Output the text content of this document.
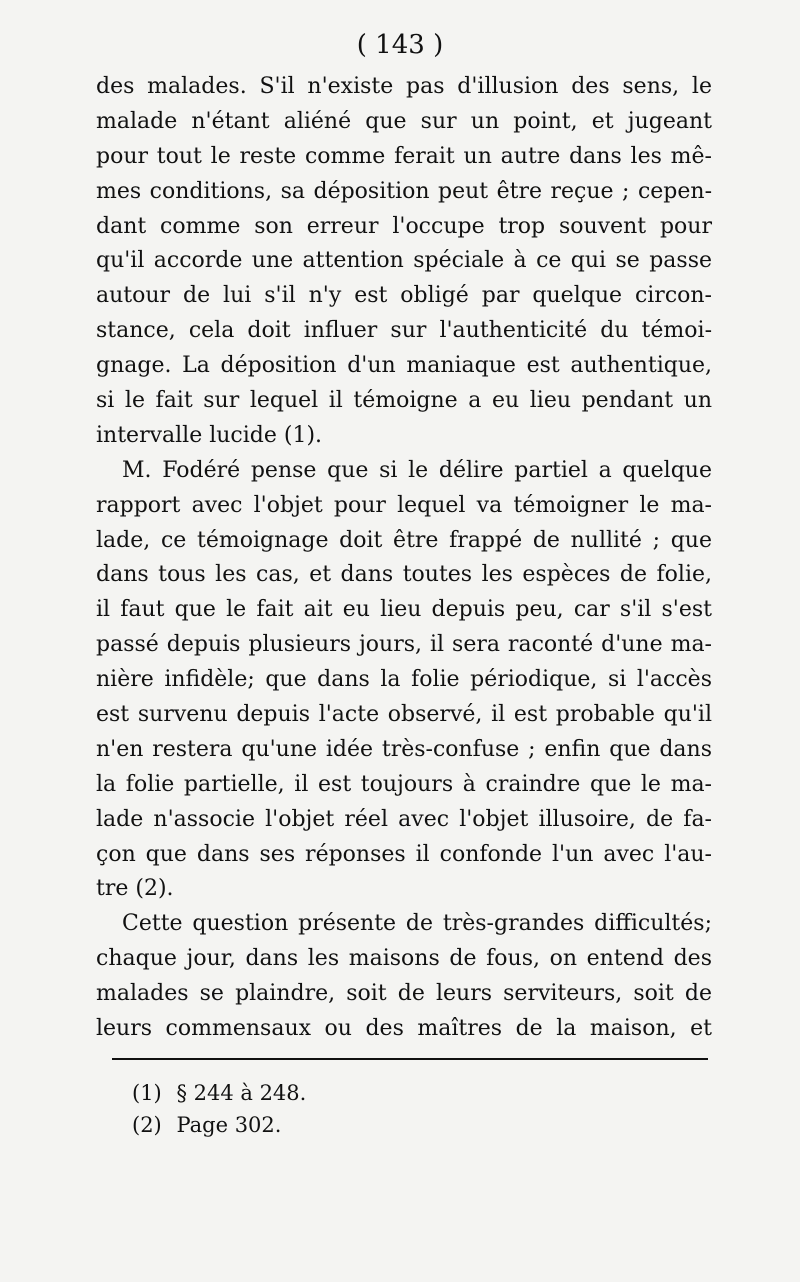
( 143 )
des malades. S'il n'existe pas d'illusion des sens, le
malade n'étant aliéné que sur un point, et jugeant
pour tout le reste comme ferait un autre dans les mê-
mes conditions, sa déposition peut être reçue ; cepen-
dant comme son erreur l'occupe trop souvent pour
qu'il accorde une attention spéciale à ce qui se passe
autour de lui s'il n'y est obligé par quelque circon-
stance, cela doit influer sur l'authenticité du témoi-
gnage. La déposition d'un maniaque est authentique,
si le fait sur lequel il témoigne a eu lieu pendant un
intervalle lucide (1).
M. Fodéré pense que si le délire partiel a quelque
rapport avec l'objet pour lequel va témoigner le ma-
lade, ce témoignage doit être frappé de nullité ; que
dans tous les cas, et dans toutes les espèces de folie,
il faut que le fait ait eu lieu depuis peu, car s'il s'est
passé depuis plusieurs jours, il sera raconté d'une ma-
nière infidèle; que dans la folie périodique, si l'accès
est survenu depuis l'acte observé, il est probable qu'il
n'en restera qu'une idée très-confuse ; enfin que dans
la folie partielle, il est toujours à craindre que le ma-
lade n'associe l'objet réel avec l'objet illusoire, de fa-
çon que dans ses réponses il confonde l'un avec l'au-
tre (2).
Cette question présente de très-grandes difficultés;
chaque jour, dans les maisons de fous, on entend des
malades se plaindre, soit de leurs serviteurs, soit de
leurs commensaux ou des maîtres de la maison, et
(1) § 244 à 248.
(2) Page 302.
